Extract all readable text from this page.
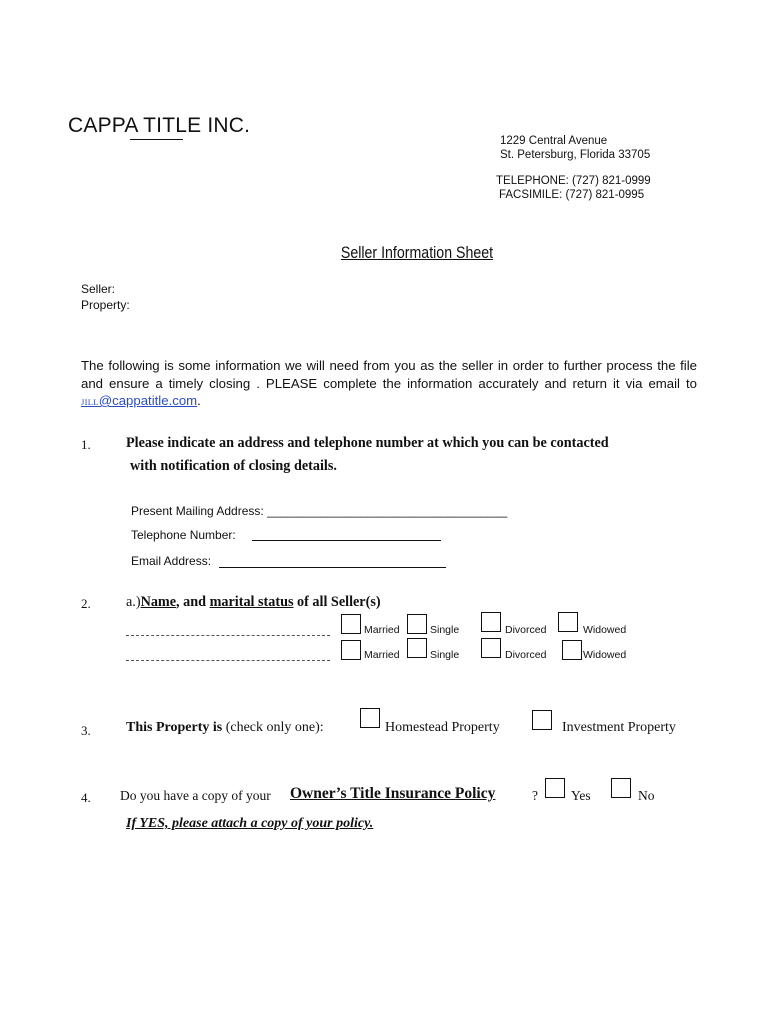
CAPPA TITLE INC.
1229 Central Avenue
St. Petersburg, Florida 33705
TELEPHONE: (727) 821-0999
FACSIMILE: (727) 821-0995
Seller Information Sheet
Seller:
Property:
The following is some information we will need from you as the seller in order to further process the file and ensure a timely closing . PLEASE complete the information accurately and return it via email to JILL@cappatitle.com.
1. Please indicate an address and telephone number at which you can be contacted
with notification of closing details.
Present Mailing Address: ____________________________________
Telephone Number:
Email Address:
2. a.)Name, and marital status of all Seller(s)
Married	Single	Divorced	Widowed
Married	Single	Divorced	Widowed
3.	This Property is (check only one):	Homestead Property	Investment Property
4. Do you have a copy of your Owner’s Title Insurance Policy	? Yes	No
If YES, please attach a copy of your policy.
